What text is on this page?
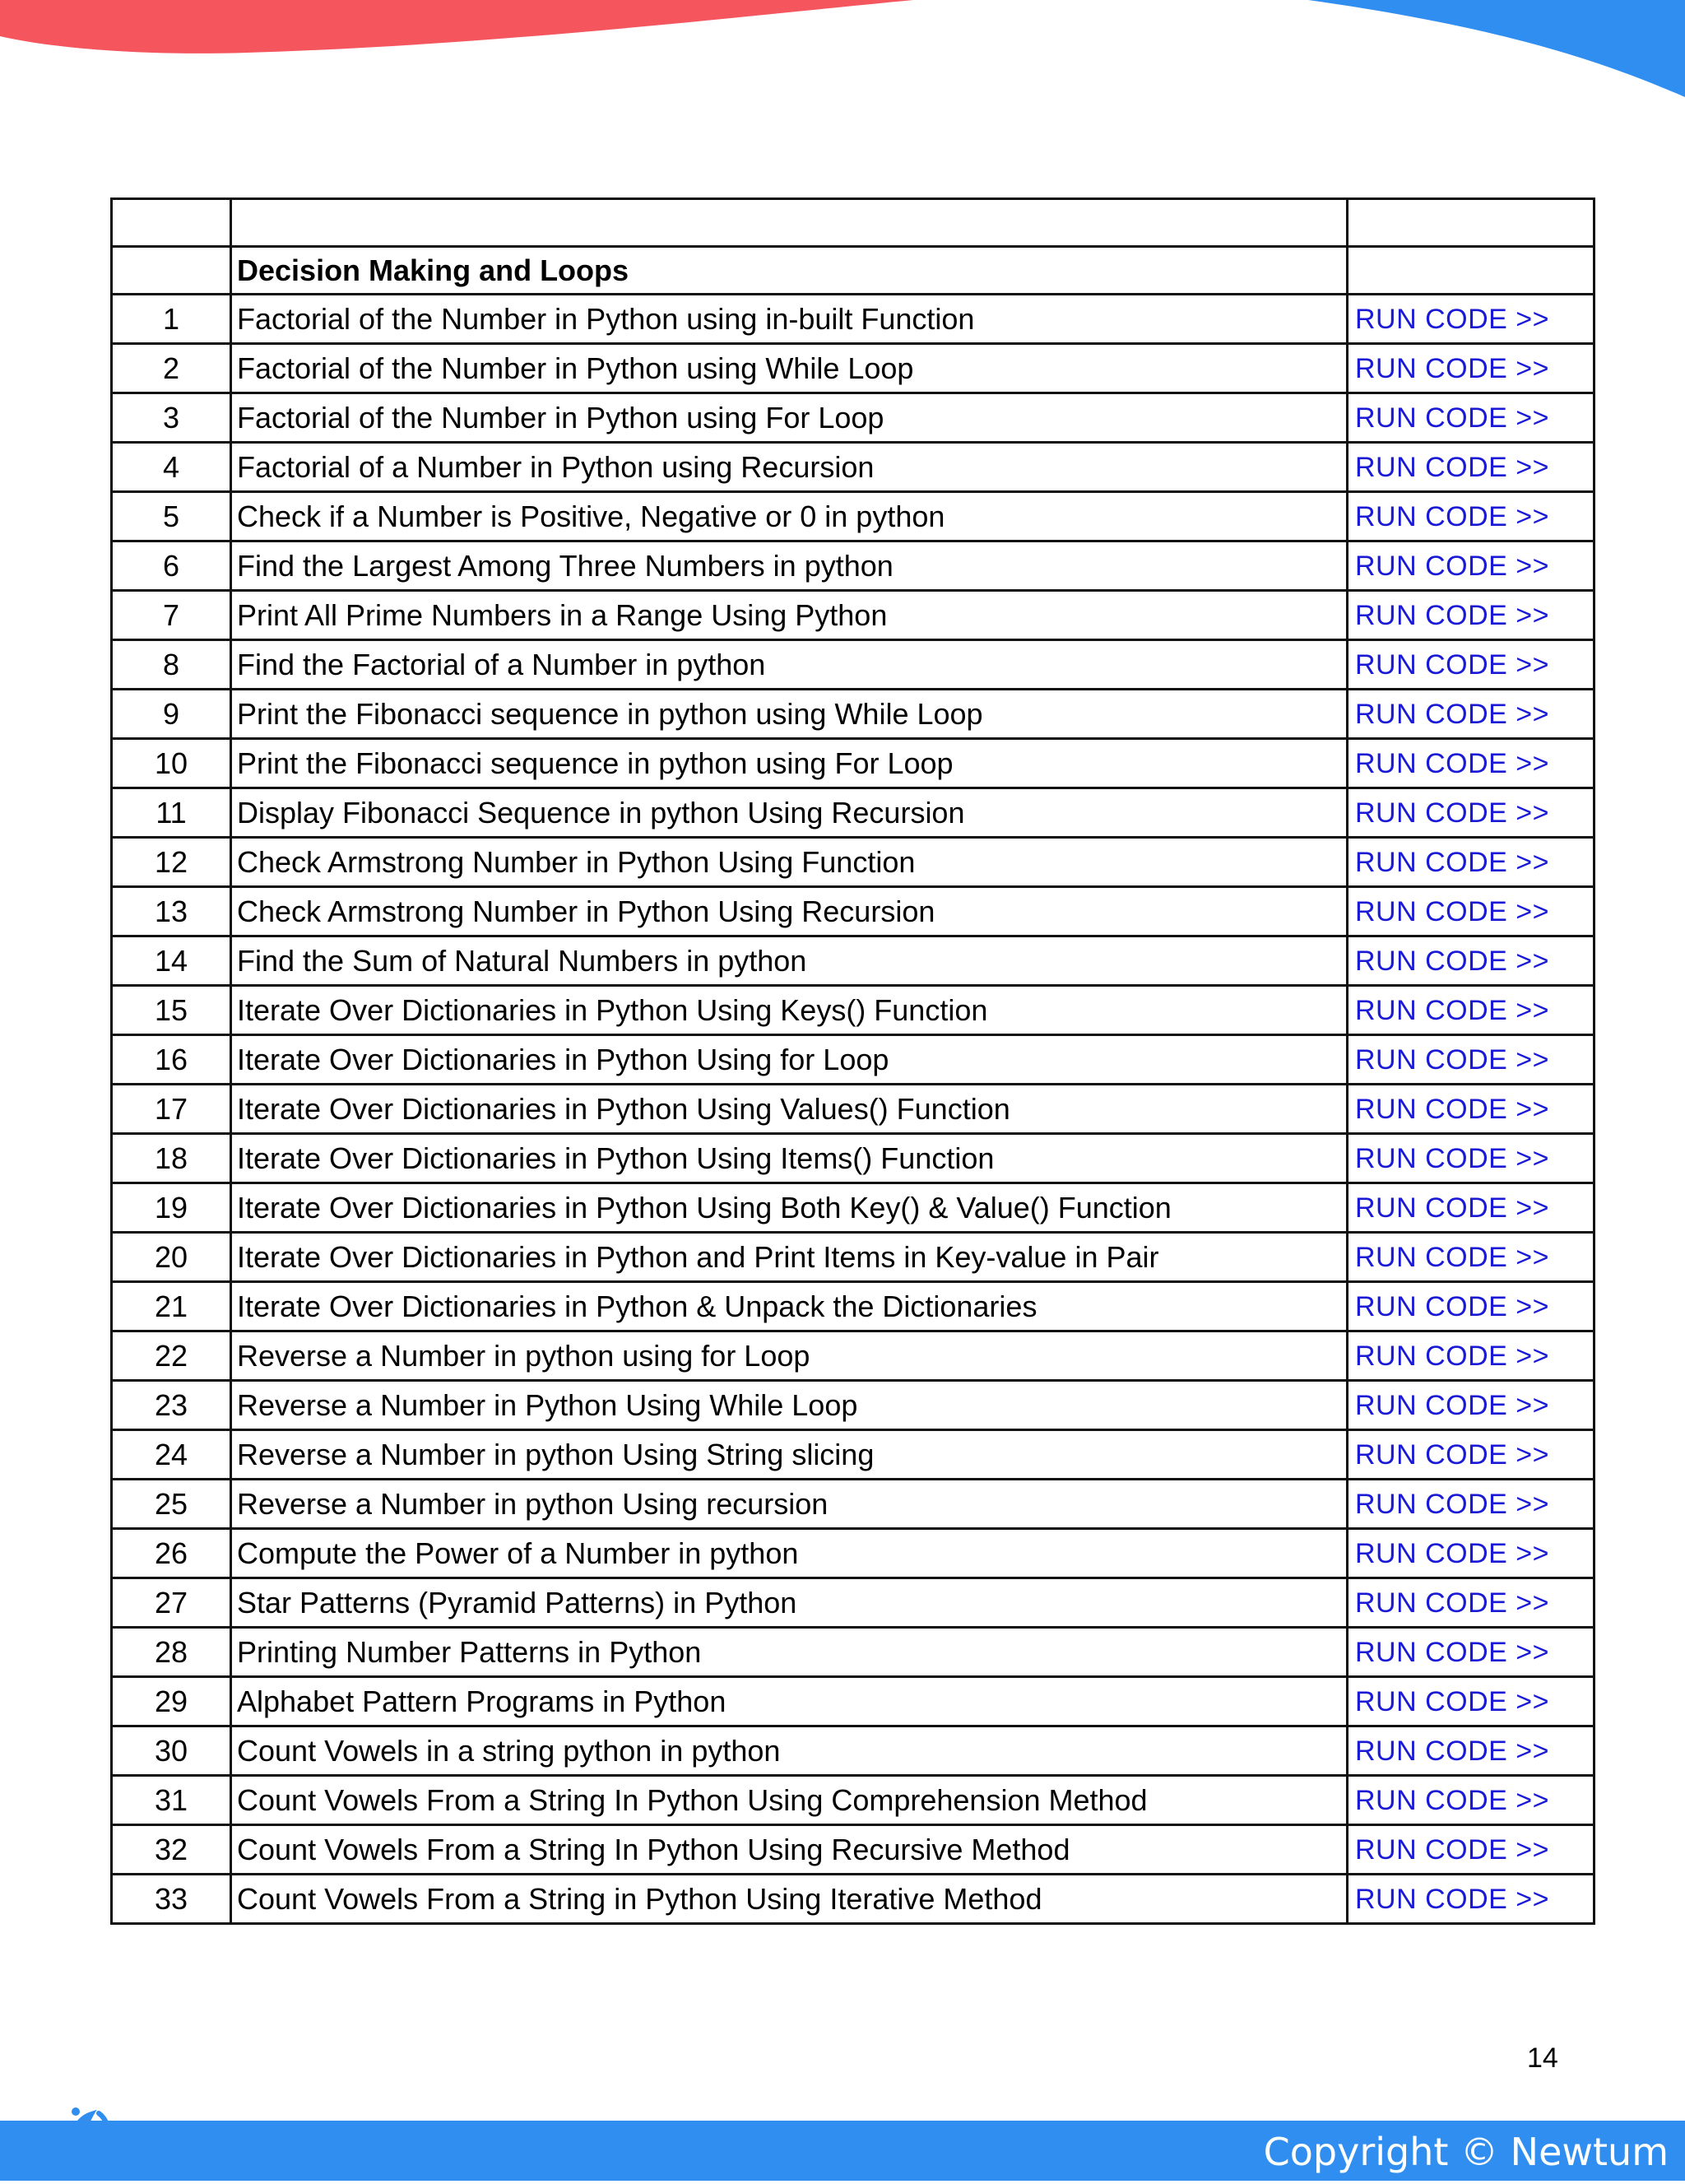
	Decision Making and Loops	
1	Factorial of the Number in Python using in-built Function	RUN CODE >>
2	Factorial of the Number in Python using While Loop	RUN CODE >>
3	Factorial of the Number in Python using For Loop	RUN CODE >>
4	Factorial of a Number in Python using Recursion	RUN CODE >>
5	Check if a Number is Positive, Negative or 0 in python	RUN CODE >>
6	Find the Largest Among Three Numbers in python	RUN CODE >>
7	Print All Prime Numbers in a Range Using Python	RUN CODE >>
8	Find the Factorial of a Number in python	RUN CODE >>
9	Print the Fibonacci sequence in python using While Loop	RUN CODE >>
10	Print the Fibonacci sequence in python using For Loop	RUN CODE >>
11	Display Fibonacci Sequence in python Using Recursion	RUN CODE >>
12	Check Armstrong Number in Python Using Function	RUN CODE >>
13	Check Armstrong Number in Python Using Recursion	RUN CODE >>
14	Find the Sum of Natural Numbers in python	RUN CODE >>
15	Iterate Over Dictionaries in Python Using Keys() Function	RUN CODE >>
16	Iterate Over Dictionaries in Python Using for Loop	RUN CODE >>
17	Iterate Over Dictionaries in Python Using Values() Function	RUN CODE >>
18	Iterate Over Dictionaries in Python Using Items() Function	RUN CODE >>
19	Iterate Over Dictionaries in Python Using Both Key() & Value() Function	RUN CODE >>
20	Iterate Over Dictionaries in Python and Print Items in Key-value in Pair	RUN CODE >>
21	Iterate Over Dictionaries in Python & Unpack the Dictionaries	RUN CODE >>
22	Reverse a Number in python using for Loop	RUN CODE >>
23	Reverse a Number in Python Using While Loop	RUN CODE >>
24	Reverse a Number in python Using String slicing	RUN CODE >>
25	Reverse a Number in python Using recursion	RUN CODE >>
26	Compute the Power of a Number in python	RUN CODE >>
27	Star Patterns (Pyramid Patterns) in Python	RUN CODE >>
28	Printing Number Patterns in Python	RUN CODE >>
29	Alphabet Pattern Programs in Python	RUN CODE >>
30	Count Vowels in a string python in python	RUN CODE >>
31	Count Vowels From a String In Python Using Comprehension Method	RUN CODE >>
32	Count Vowels From a String In Python Using Recursive Method	RUN CODE >>
33	Count Vowels From a String in Python Using Iterative Method	RUN CODE >>
14
Copyright © Newtum
